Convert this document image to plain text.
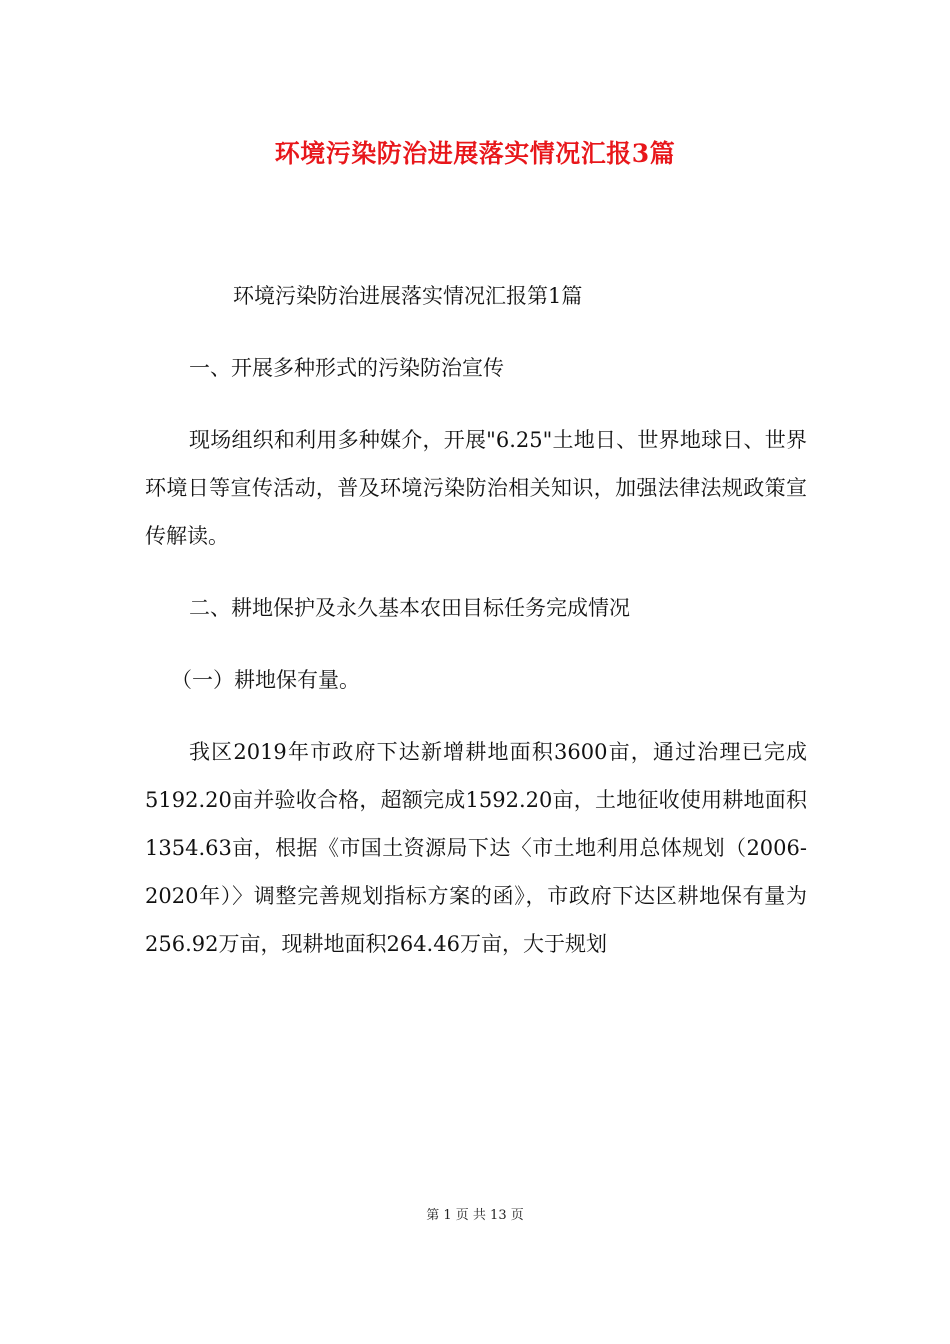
环境污染防治进展落实情况汇报3篇

环境污染防治进展落实情况汇报第1篇

一、开展多种形式的污染防治宣传

现场组织和利用多种媒介，开展"6.25"土地日、世界地球日、世界环境日等宣传活动，普及环境污染防治相关知识，加强法律法规政策宣传解读。

二、耕地保护及永久基本农田目标任务完成情况

（一）耕地保有量。

我区2019年市政府下达新增耕地面积3600亩，通过治理已完成5192.20亩并验收合格，超额完成1592.20亩，土地征收使用耕地面积1354.63亩，根据《市国土资源局下达〈市土地利用总体规划（2006-2020年）〉调整完善规划指标方案的函》，市政府下达区耕地保有量为256.92万亩，现耕地面积264.46万亩，大于规划

第 1 页 共 13 页
